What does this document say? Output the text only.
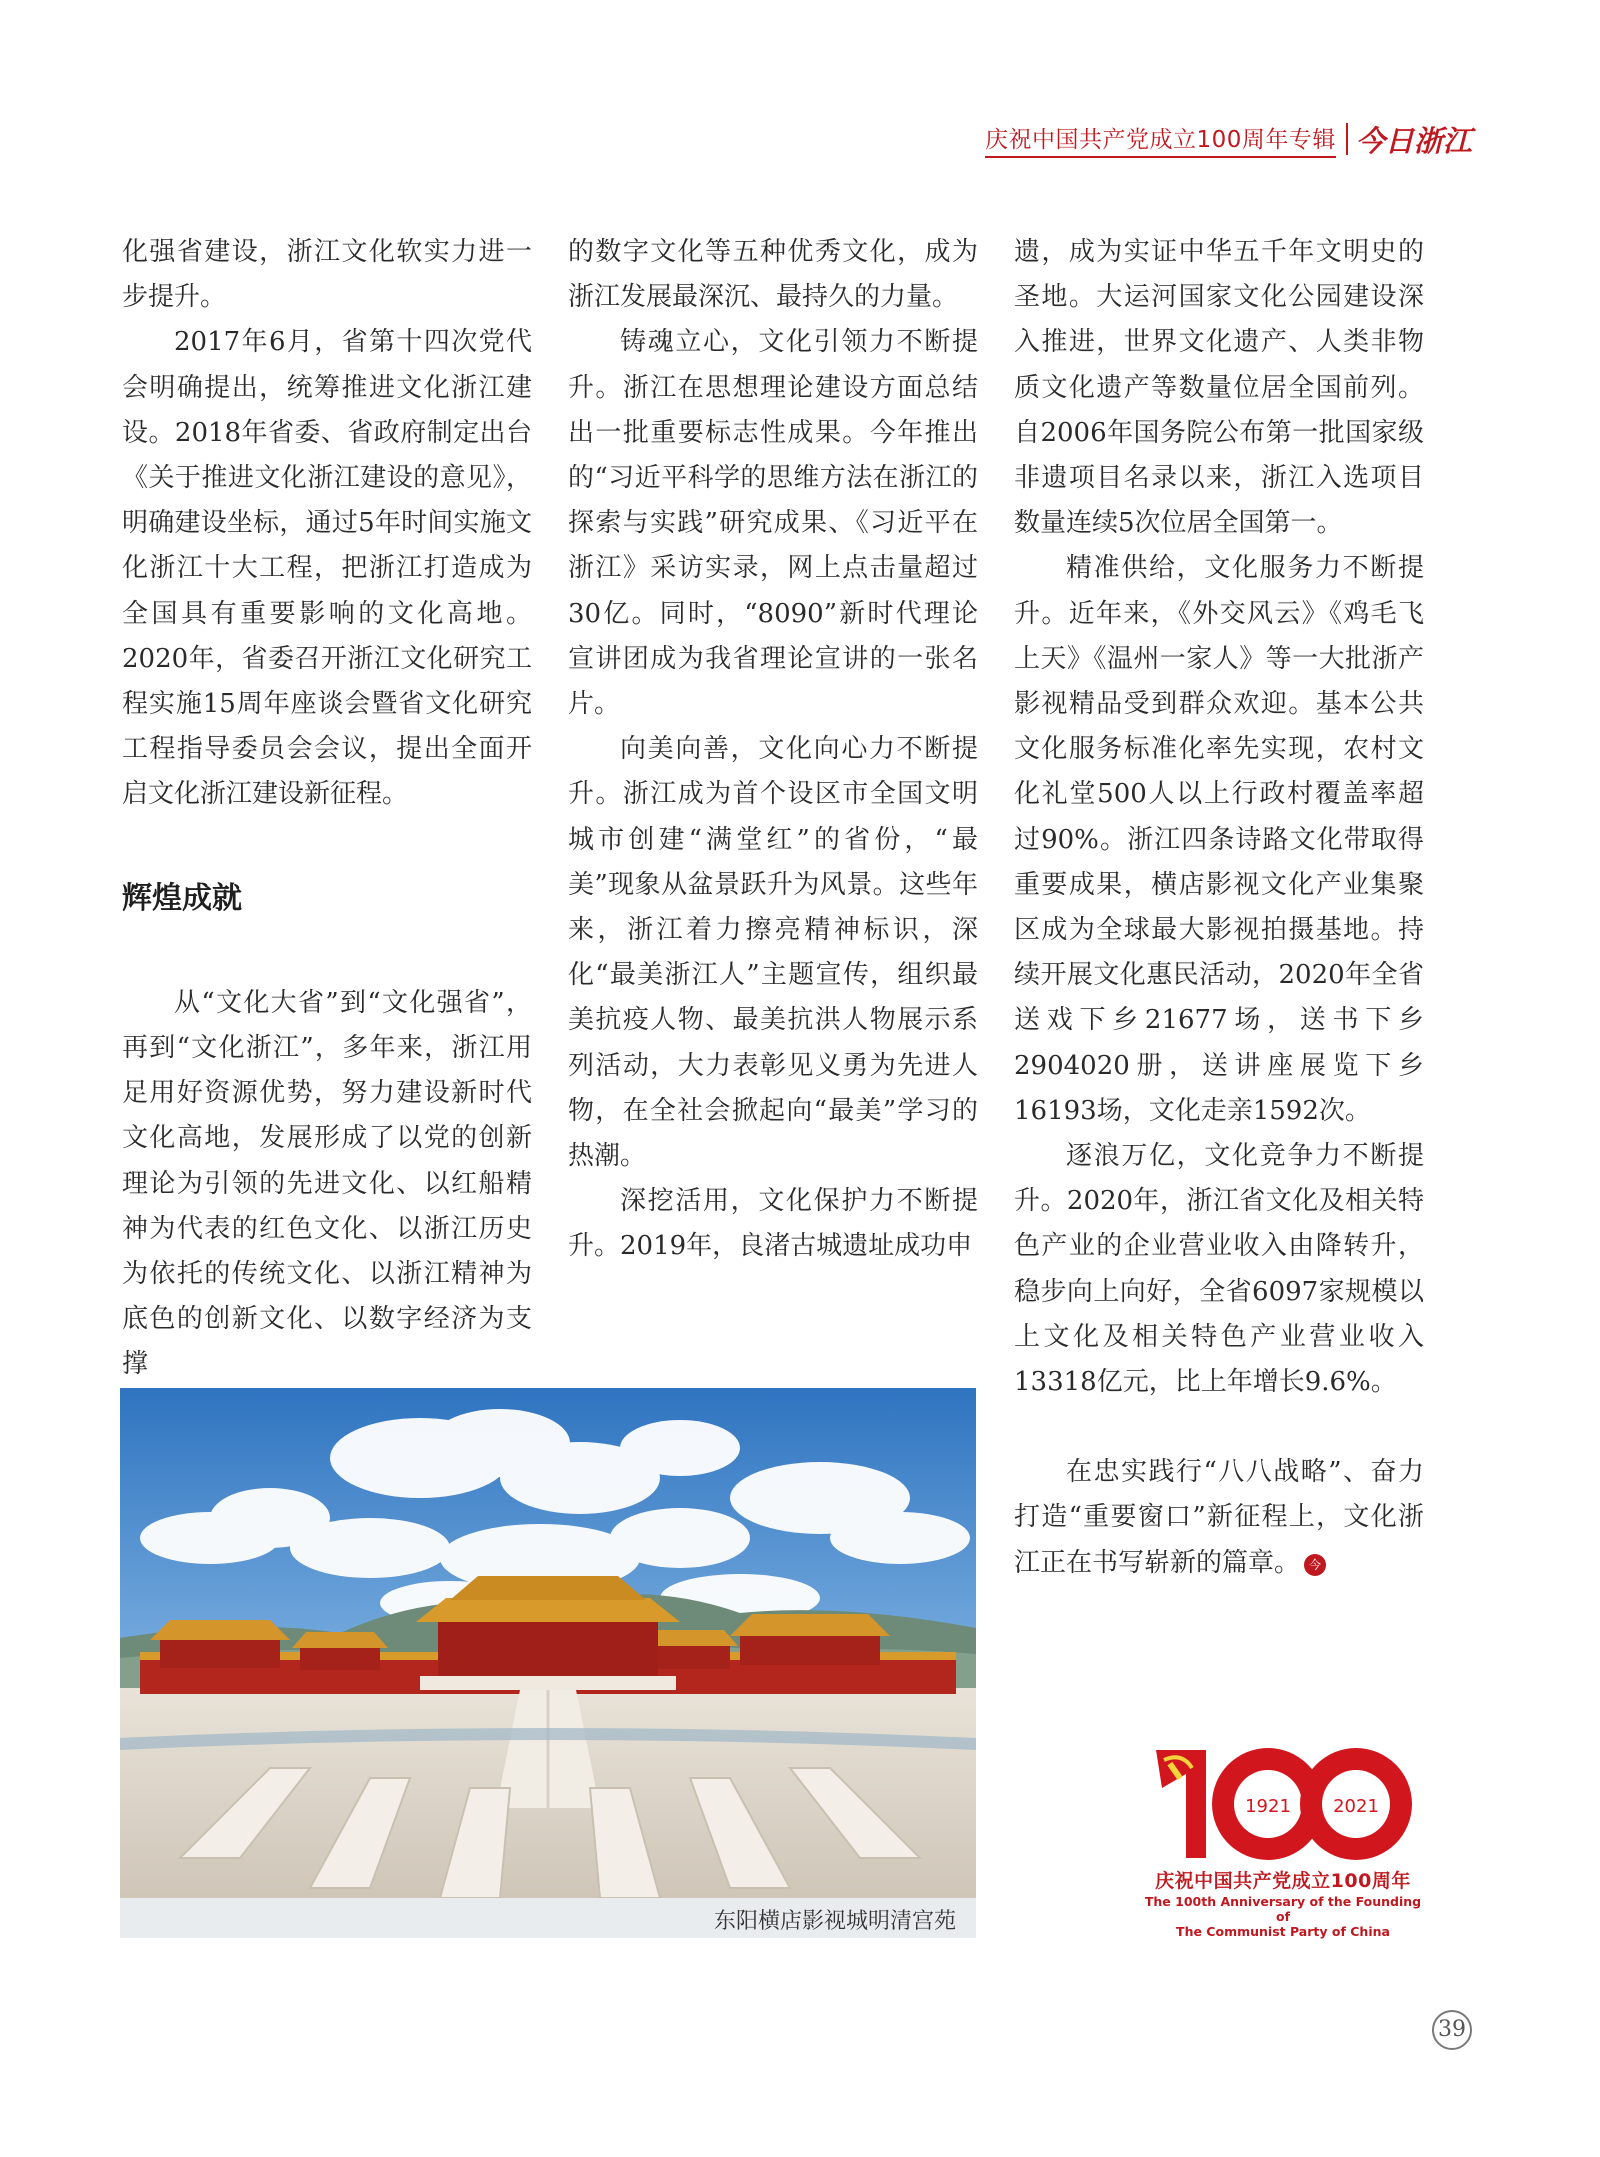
庆祝中国共产党成立100周年专辑 今日浙江

化强省建设，浙江文化软实力进一步提升。

2017年6月，省第十四次党代会明确提出，统筹推进文化浙江建设。2018年省委、省政府制定出台《关于推进文化浙江建设的意见》，明确建设坐标，通过5年时间实施文化浙江十大工程，把浙江打造成为全国具有重要影响的文化高地。2020年，省委召开浙江文化研究工程实施15周年座谈会暨省文化研究工程指导委员会会议，提出全面开启文化浙江建设新征程。

辉煌成就

从“文化大省”到“文化强省”，再到“文化浙江”，多年来，浙江用足用好资源优势，努力建设新时代文化高地，发展形成了以党的创新理论为引领的先进文化、以红船精神为代表的红色文化、以浙江历史为依托的传统文化、以浙江精神为底色的创新文化、以数字经济为支撑

的数字文化等五种优秀文化，成为浙江发展最深沉、最持久的力量。

铸魂立心，文化引领力不断提升。浙江在思想理论建设方面总结出一批重要标志性成果。今年推出的“习近平科学的思维方法在浙江的探索与实践”研究成果、《习近平在浙江》采访实录，网上点击量超过30亿。同时，“8090”新时代理论宣讲团成为我省理论宣讲的一张名片。

向美向善，文化向心力不断提升。浙江成为首个设区市全国文明城市创建“满堂红”的省份，“最美”现象从盆景跃升为风景。这些年来，浙江着力擦亮精神标识，深化“最美浙江人”主题宣传，组织最美抗疫人物、最美抗洪人物展示系列活动，大力表彰见义勇为先进人物，在全社会掀起向“最美”学习的热潮。

深挖活用，文化保护力不断提升。2019年，良渚古城遗址成功申

遗，成为实证中华五千年文明史的圣地。大运河国家文化公园建设深入推进，世界文化遗产、人类非物质文化遗产等数量位居全国前列。自2006年国务院公布第一批国家级非遗项目名录以来，浙江入选项目数量连续5次位居全国第一。

精准供给，文化服务力不断提升。近年来，《外交风云》《鸡毛飞上天》《温州一家人》等一大批浙产影视精品受到群众欢迎。基本公共文化服务标准化率先实现，农村文化礼堂500人以上行政村覆盖率超过90%。浙江四条诗路文化带取得重要成果，横店影视文化产业集聚区成为全球最大影视拍摄基地。持续开展文化惠民活动，2020年全省送戏下乡21677场，送书下乡2904020册，送讲座展览下乡16193场，文化走亲1592次。

逐浪万亿，文化竞争力不断提升。2020年，浙江省文化及相关特色产业的企业营业收入由降转升，稳步向上向好，全省6097家规模以上文化及相关特色产业营业收入13318亿元，比上年增长9.6%。

在忠实践行“八八战略”、奋力打造“重要窗口”新征程上，文化浙江正在书写崭新的篇章。 今

东阳横店影视城明清宫苑
1921 2021
庆祝中国共产党成立100周年
The 100th Anniversary of the Founding of
The Communist Party of China
39
